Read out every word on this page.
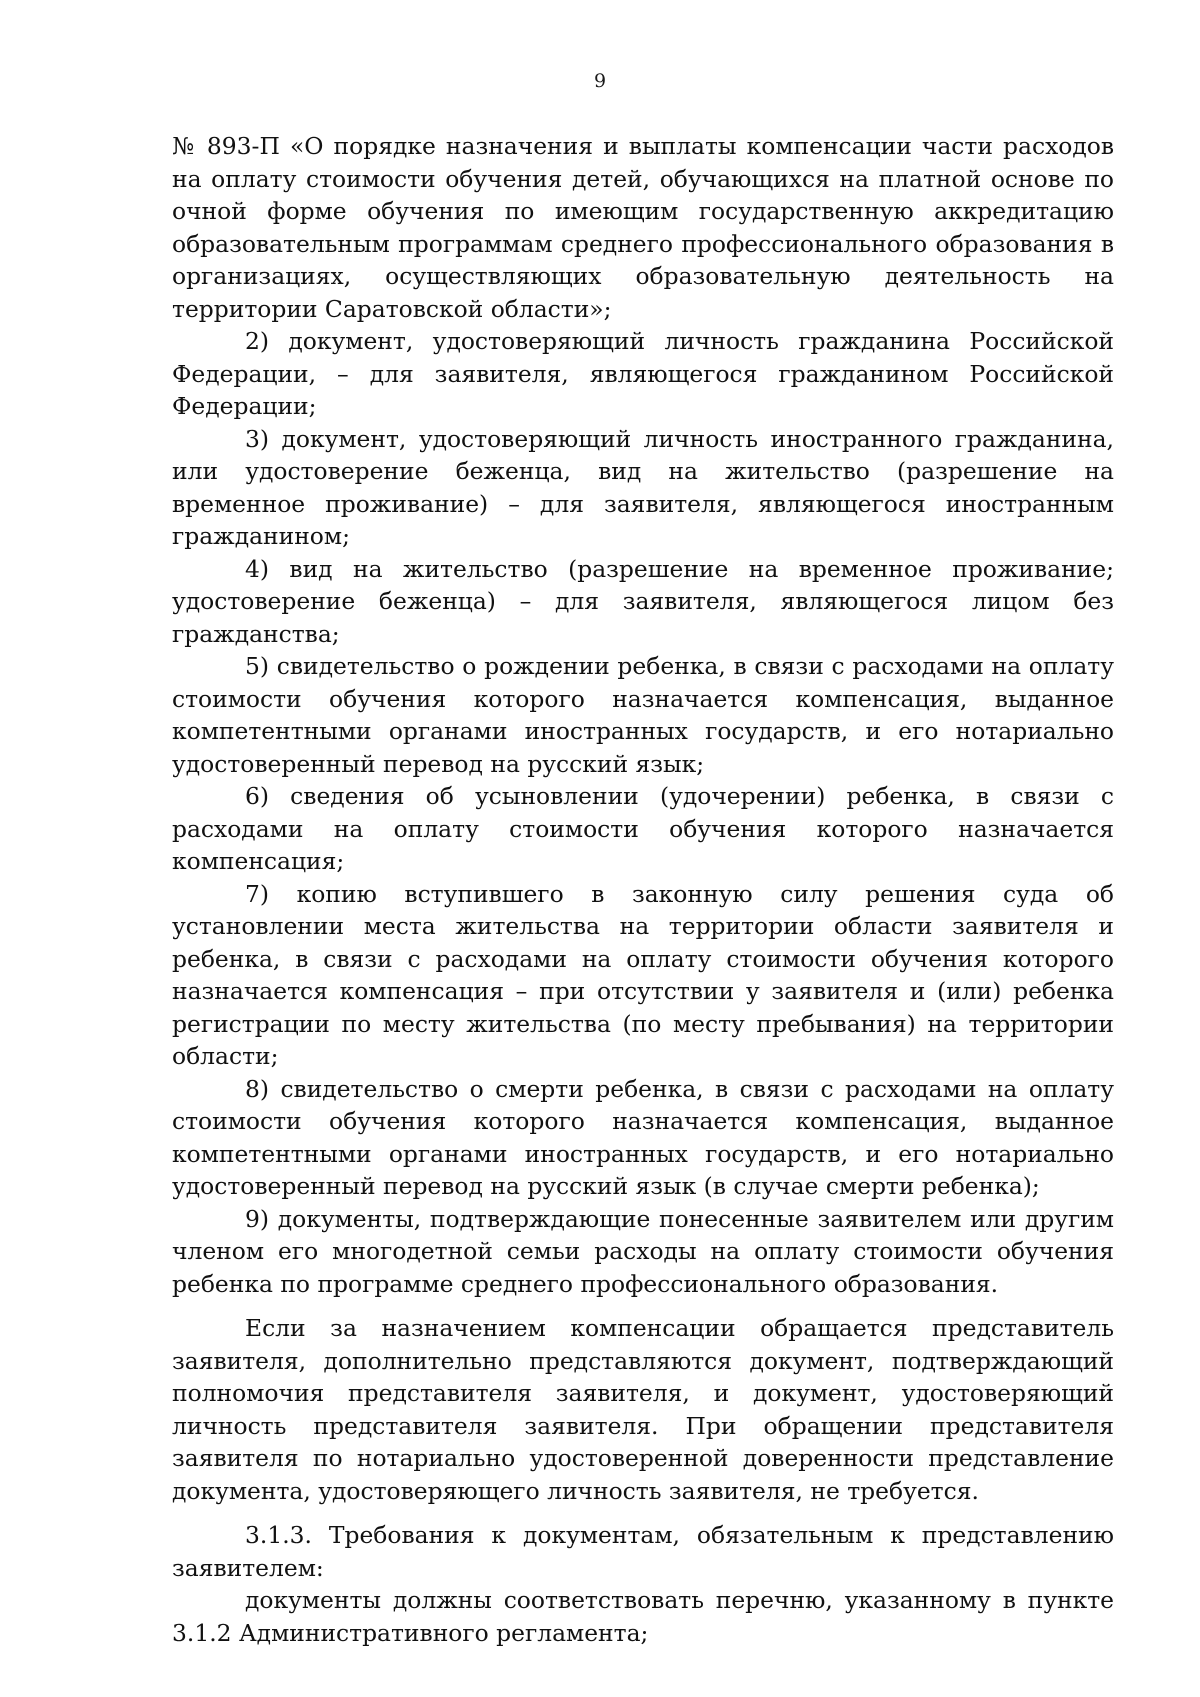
9

№ 893-П «О порядке назначения и выплаты компенсации части расходов на оплату стоимости обучения детей, обучающихся на платной основе по очной форме обучения по имеющим государственную аккредитацию образовательным программам среднего профессионального образования в организациях, осуществляющих образовательную деятельность на территории Саратовской области»;

2) документ, удостоверяющий личность гражданина Российской Федерации, – для заявителя, являющегося гражданином Российской Федерации;

3) документ, удостоверяющий личность иностранного гражданина, или удостоверение беженца, вид на жительство (разрешение на временное проживание) – для заявителя, являющегося иностранным гражданином;

4) вид на жительство (разрешение на временное проживание; удостоверение беженца) – для заявителя, являющегося лицом без гражданства;

5) свидетельство о рождении ребенка, в связи с расходами на оплату стоимости обучения которого назначается компенсация, выданное компетентными органами иностранных государств, и его нотариально удостоверенный перевод на русский язык;

6) сведения об усыновлении (удочерении) ребенка, в связи с расходами на оплату стоимости обучения которого назначается компенсация;

7) копию вступившего в законную силу решения суда об установлении места жительства на территории области заявителя и ребенка, в связи с расходами на оплату стоимости обучения которого назначается компенсация – при отсутствии у заявителя и (или) ребенка регистрации по месту жительства (по месту пребывания) на территории области;

8) свидетельство о смерти ребенка, в связи с расходами на оплату стоимости обучения которого назначается компенсация, выданное компетентными органами иностранных государств, и его нотариально удостоверенный перевод на русский язык (в случае смерти ребенка);

9) документы, подтверждающие понесенные заявителем или другим членом его многодетной семьи расходы на оплату стоимости обучения ребенка по программе среднего профессионального образования.

Если за назначением компенсации обращается представитель заявителя, дополнительно представляются документ, подтверждающий полномочия представителя заявителя, и документ, удостоверяющий личность представителя заявителя. При обращении представителя заявителя по нотариально удостоверенной доверенности представление документа, удостоверяющего личность заявителя, не требуется.

3.1.3. Требования к документам, обязательным к представлению заявителем:

документы должны соответствовать перечню, указанному в пункте 3.1.2 Административного регламента;
